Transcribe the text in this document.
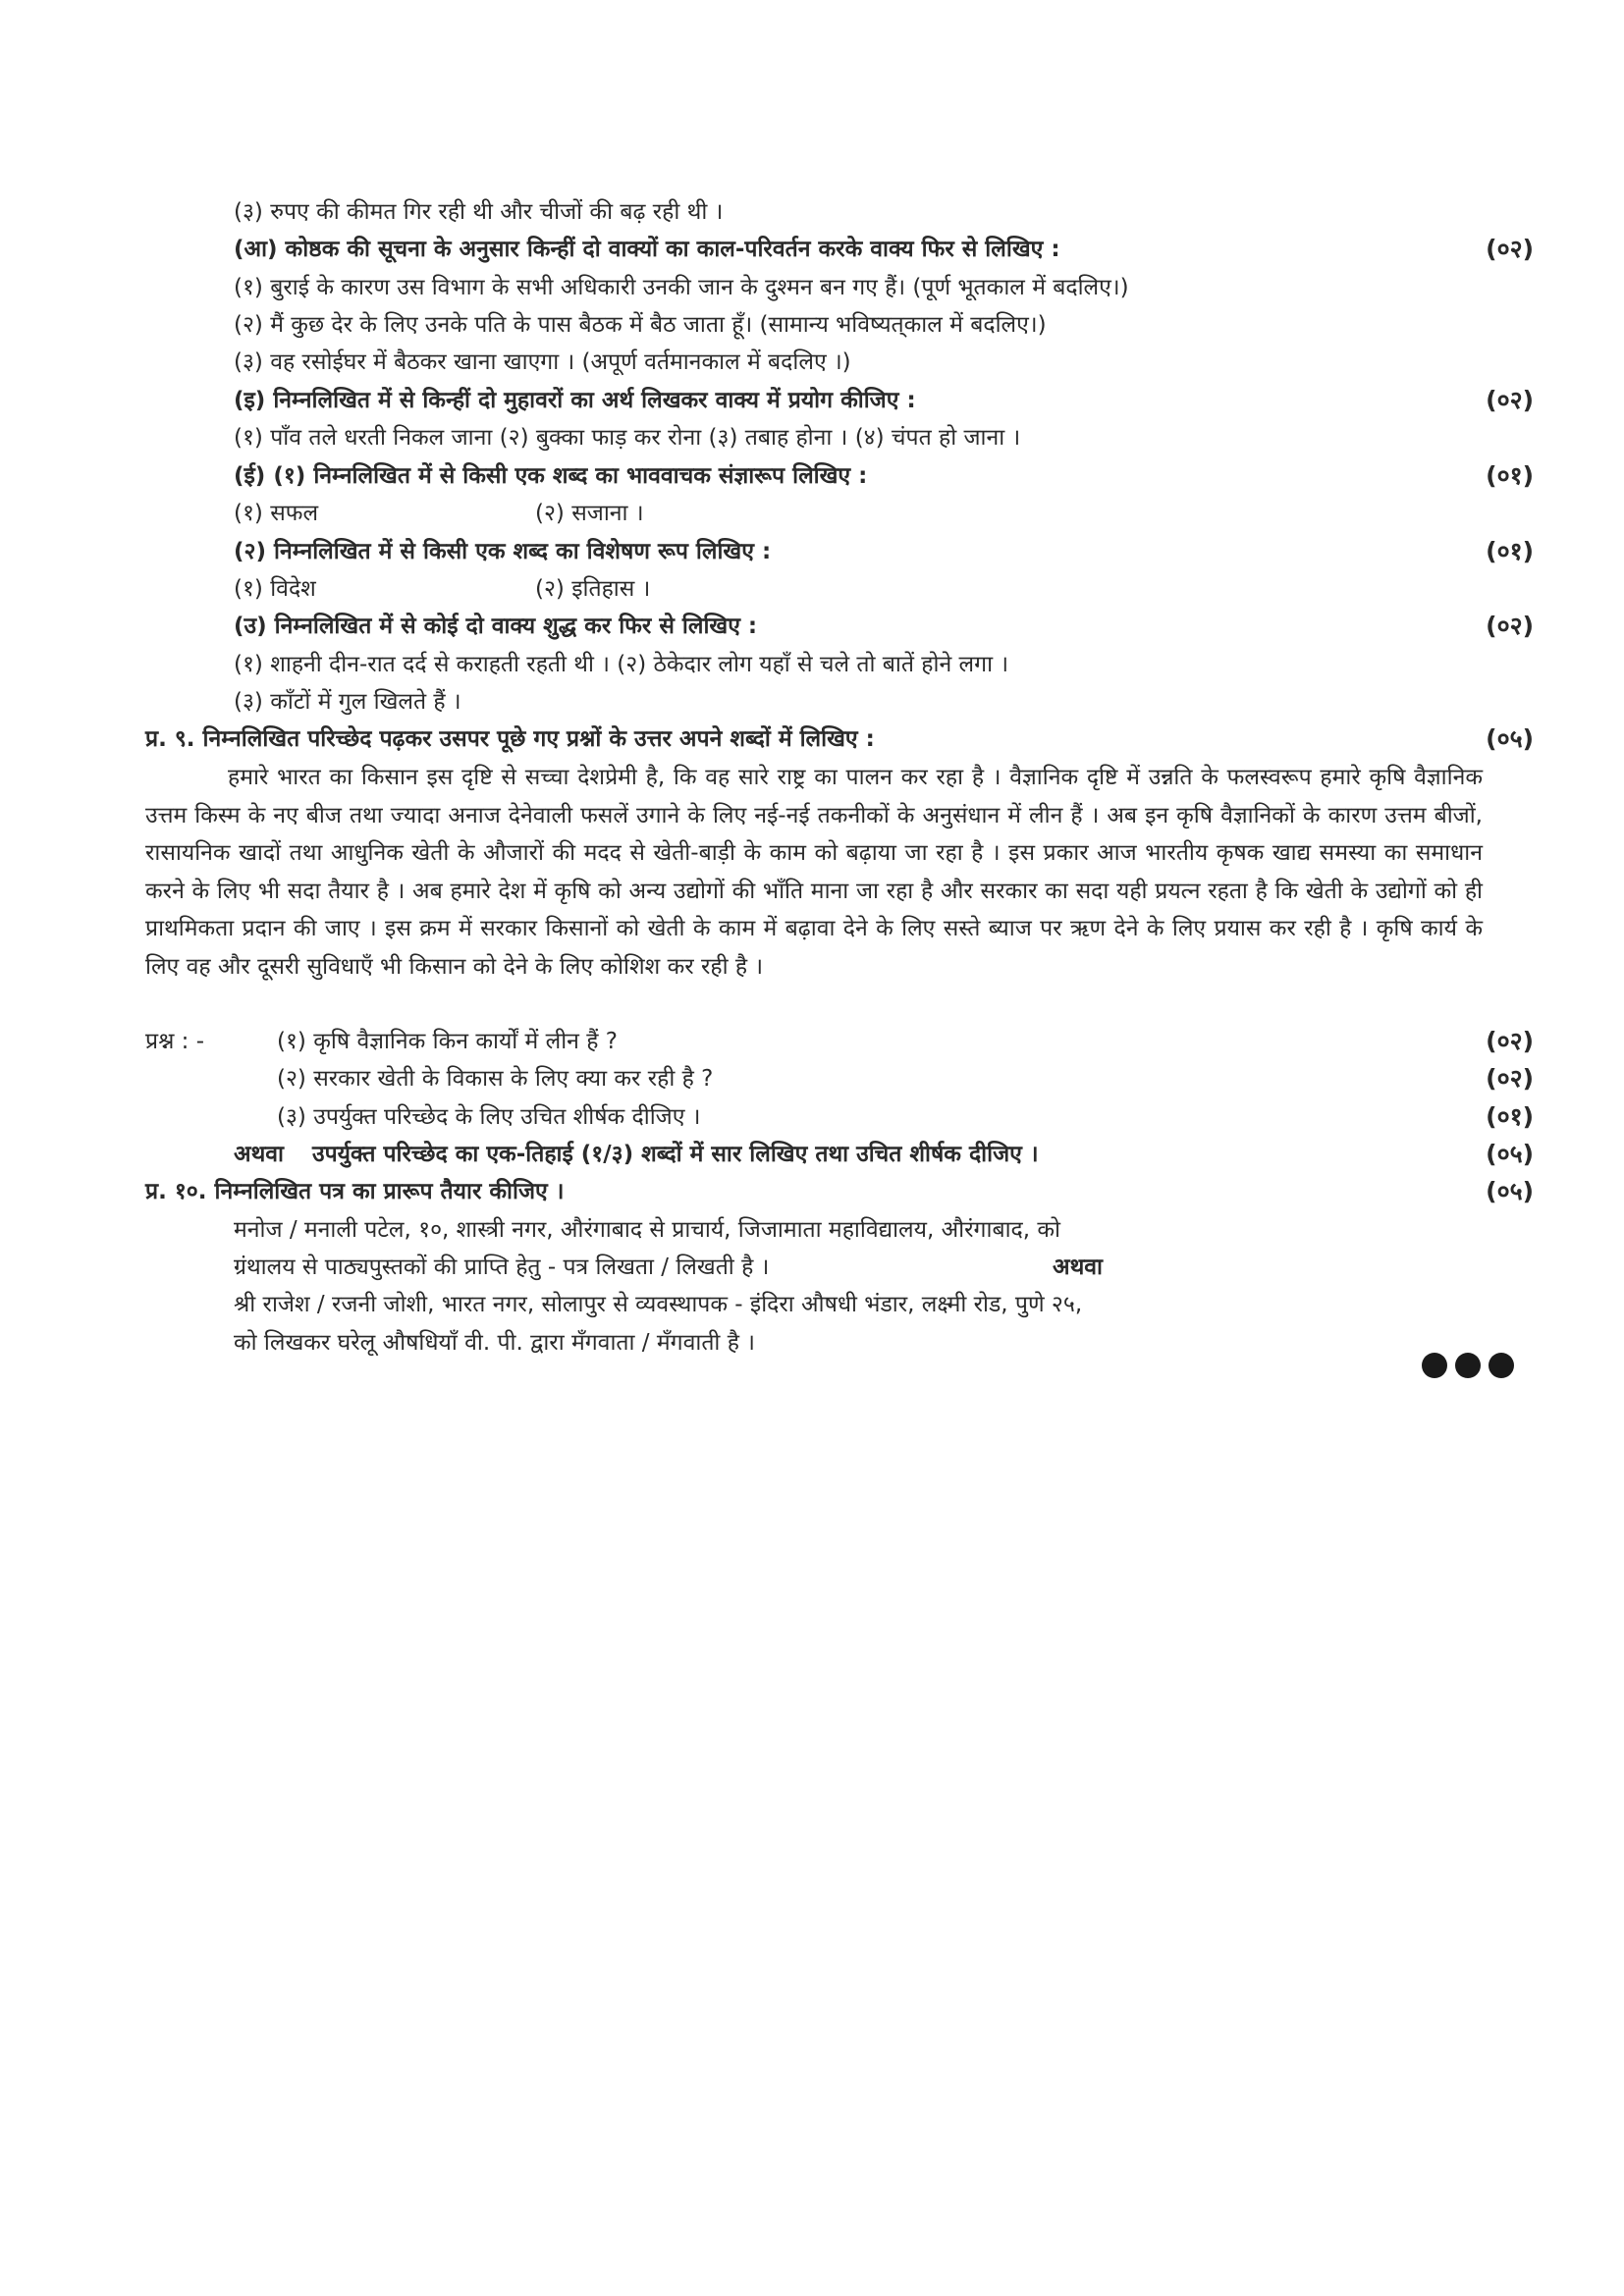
(३) रुपए की कीमत गिर रही थी और चीजों की बढ़ रही थी ।
(आ) कोष्ठक की सूचना के अनुसार किन्हीं दो वाक्यों का काल-परिवर्तन करके वाक्य फिर से लिखिए :	(०२)
(१) बुराई के कारण उस विभाग के सभी अधिकारी उनकी जान के दुश्मन बन गए हैं। (पूर्ण भूतकाल में बदलिए।)
(२) मैं कुछ देर के लिए उनके पति के पास बैठक में बैठ जाता हूँ। (सामान्य भविष्यत्‌काल में बदलिए।)
(३) वह रसोईघर में बैठकर खाना खाएगा । (अपूर्ण वर्तमानकाल में बदलिए ।)
(इ) निम्नलिखित में से किन्हीं दो मुहावरों का अर्थ लिखकर वाक्य में प्रयोग कीजिए :	(०२)
(१) पाँव तले धरती निकल जाना (२) बुक्का फाड़ कर रोना (३) तबाह होना । (४) चंपत हो जाना ।
(ई) (१) निम्नलिखित में से किसी एक शब्द का भाववाचक संज्ञारूप लिखिए :	(०१)
(१) सफल	(२) सजाना ।
(२) निम्नलिखित में से किसी एक शब्द का विशेषण रूप लिखिए :	(०१)
(१) विदेश	(२) इतिहास ।
(उ) निम्नलिखित में से कोई दो वाक्य शुद्ध कर फिर से लिखिए :	(०२)
(१) शाहनी दीन-रात दर्द से कराहती रहती थी । (२) ठेकेदार लोग यहाँ से चले तो बातें होने लगा ।
(३) काँटों में गुल खिलते हैं ।
प्र. ९. निम्नलिखित परिच्छेद पढ़कर उसपर पूछे गए प्रश्नों के उत्तर अपने शब्दों में लिखिए :	(०५)
हमारे भारत का किसान इस दृष्टि से सच्चा देशप्रेमी है, कि वह सारे राष्ट्र का पालन कर रहा है । वैज्ञानिक दृष्टि में उन्नति के फलस्वरूप हमारे कृषि वैज्ञानिक उत्तम किस्म के नए बीज तथा ज्यादा अनाज देनेवाली फसलें उगाने के लिए नई-नई तकनीकों के अनुसंधान में लीन हैं । अब इन कृषि वैज्ञानिकों के कारण उत्तम बीजों, रासायनिक खादों तथा आधुनिक खेती के औजारों की मदद से खेती-बाड़ी के काम को बढ़ाया जा रहा है । इस प्रकार आज भारतीय कृषक खाद्य समस्या का समाधान करने के लिए भी सदा तैयार है । अब हमारे देश में कृषि को अन्य उद्योगों की भाँति माना जा रहा है और सरकार का सदा यही प्रयत्न रहता है कि खेती के उद्योगों को ही प्राथमिकता प्रदान की जाए । इस क्रम में सरकार किसानों को खेती के काम में बढ़ावा देने के लिए सस्ते ब्याज पर ऋण देने के लिए प्रयास कर रही है । कृषि कार्य के लिए वह और दूसरी सुविधाएँ भी किसान को देने के लिए कोशिश कर रही है ।
प्रश्न : -	(१) कृषि वैज्ञानिक किन कार्यों में लीन हैं ?	(०२)
(२) सरकार खेती के विकास के लिए क्या कर रही है ?	(०२)
(३) उपर्युक्त परिच्छेद के लिए उचित शीर्षक दीजिए ।	(०१)
अथवा उपर्युक्त परिच्छेद का एक-तिहाई (१/३) शब्दों में सार लिखिए तथा उचित शीर्षक दीजिए ।	(०५)
प्र. १०. निम्नलिखित पत्र का प्रारूप तैयार कीजिए ।	(०५)
मनोज / मनाली पटेल, १०, शास्त्री नगर, औरंगाबाद से प्राचार्य, जिजामाता महाविद्यालय, औरंगाबाद, को
ग्रंथालय से पाठ्यपुस्तकों की प्राप्ति हेतु - पत्र लिखता / लिखती है ।	अथवा
श्री राजेश / रजनी जोशी, भारत नगर, सोलापुर से व्यवस्थापक - इंदिरा औषधी भंडार, लक्ष्मी रोड, पुणे २५,
को लिखकर घरेलू औषधियाँ वी. पी. द्वारा मँगवाता / मँगवाती है ।
